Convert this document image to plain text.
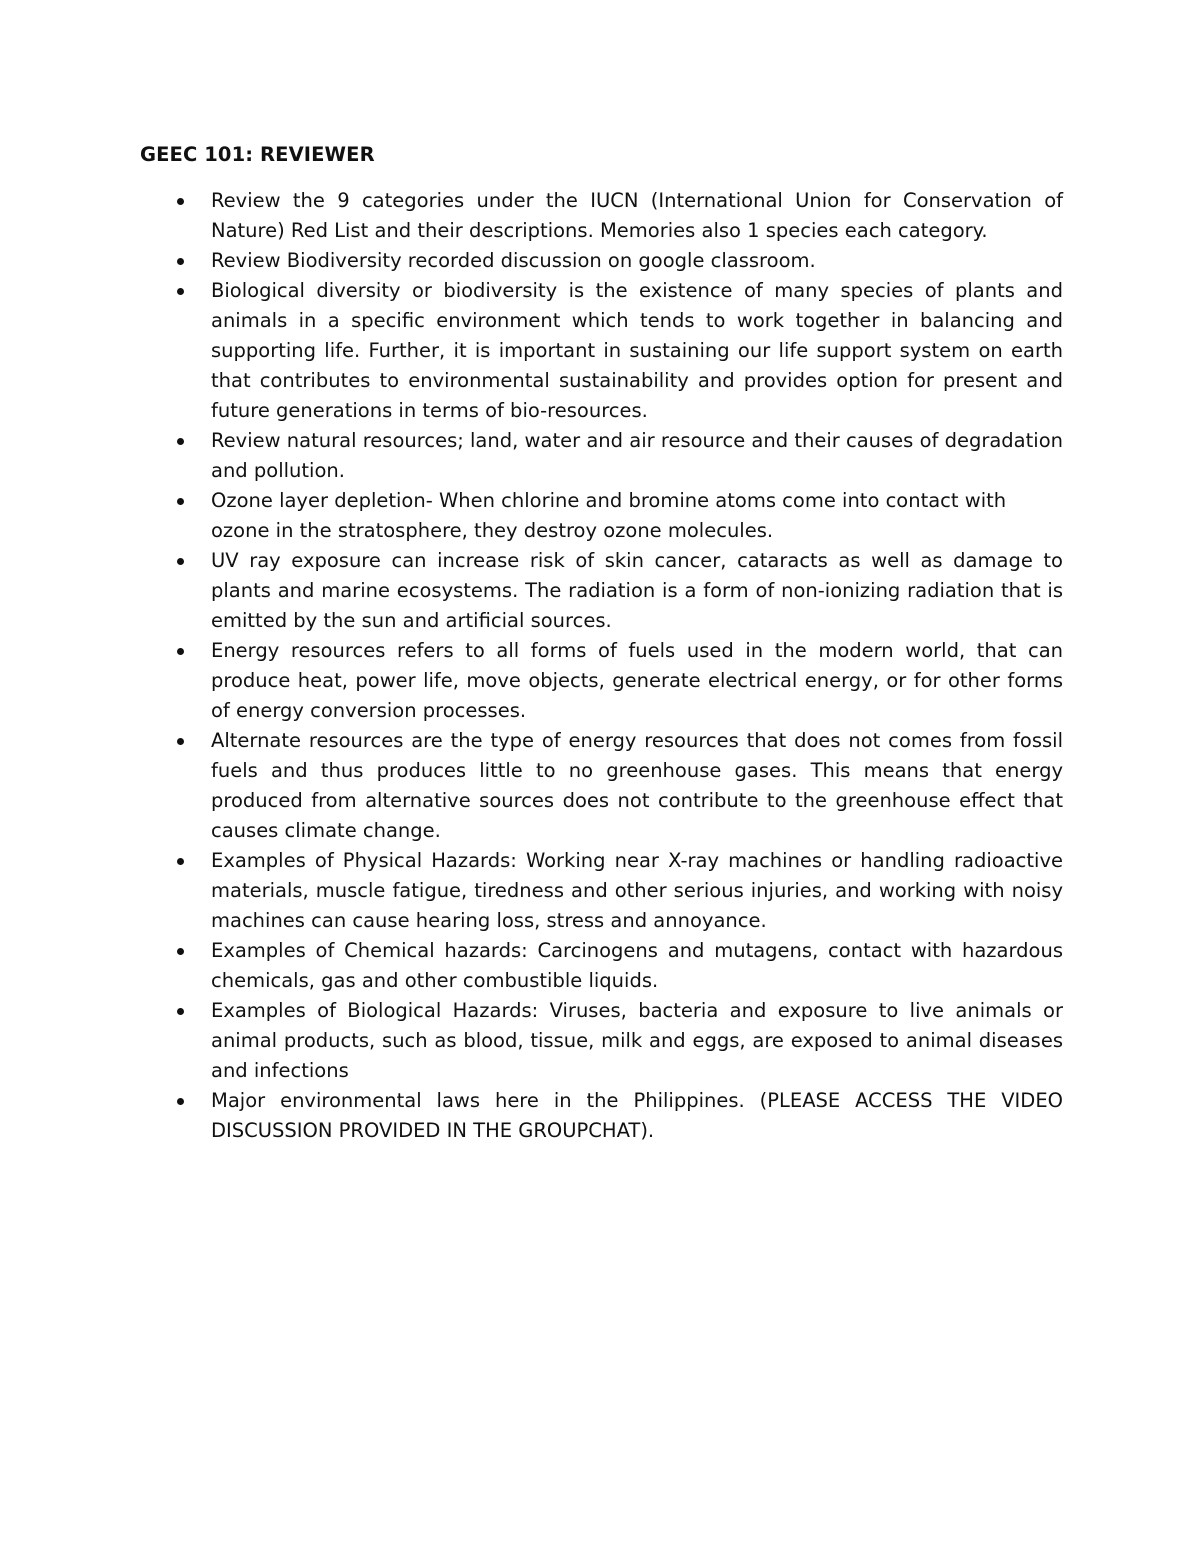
GEEC 101: REVIEWER
Review the 9 categories under the IUCN (International Union for Conservation of Nature) Red List and their descriptions. Memories also 1 species each category.
Review Biodiversity recorded discussion on google classroom.
Biological diversity or biodiversity is the existence of many species of plants and animals in a specific environment which tends to work together in balancing and supporting life. Further, it is important in sustaining our life support system on earth that contributes to environmental sustainability and provides option for present and future generations in terms of bio-resources.
Review natural resources; land, water and air resource and their causes of degradation and pollution.
Ozone layer depletion- When chlorine and bromine atoms come into contact with ozone in the stratosphere, they destroy ozone molecules.
UV ray exposure can increase risk of skin cancer, cataracts as well as damage to plants and marine ecosystems. The radiation is a form of non-ionizing radiation that is emitted by the sun and artificial sources.
Energy resources refers to all forms of fuels used in the modern world, that can produce heat, power life, move objects, generate electrical energy, or for other forms of energy conversion processes.
Alternate resources are the type of energy resources that does not comes from fossil fuels and thus produces little to no greenhouse gases. This means that energy produced from alternative sources does not contribute to the greenhouse effect that causes climate change.
Examples of Physical Hazards: Working near X-ray machines or handling radioactive materials, muscle fatigue, tiredness and other serious injuries, and working with noisy machines can cause hearing loss, stress and annoyance.
Examples of Chemical hazards: Carcinogens and mutagens, contact with hazardous chemicals, gas and other combustible liquids.
Examples of Biological Hazards: Viruses, bacteria and exposure to live animals or animal products, such as blood, tissue, milk and eggs, are exposed to animal diseases and infections
Major environmental laws here in the Philippines. (PLEASE ACCESS THE VIDEO DISCUSSION PROVIDED IN THE GROUPCHAT).
